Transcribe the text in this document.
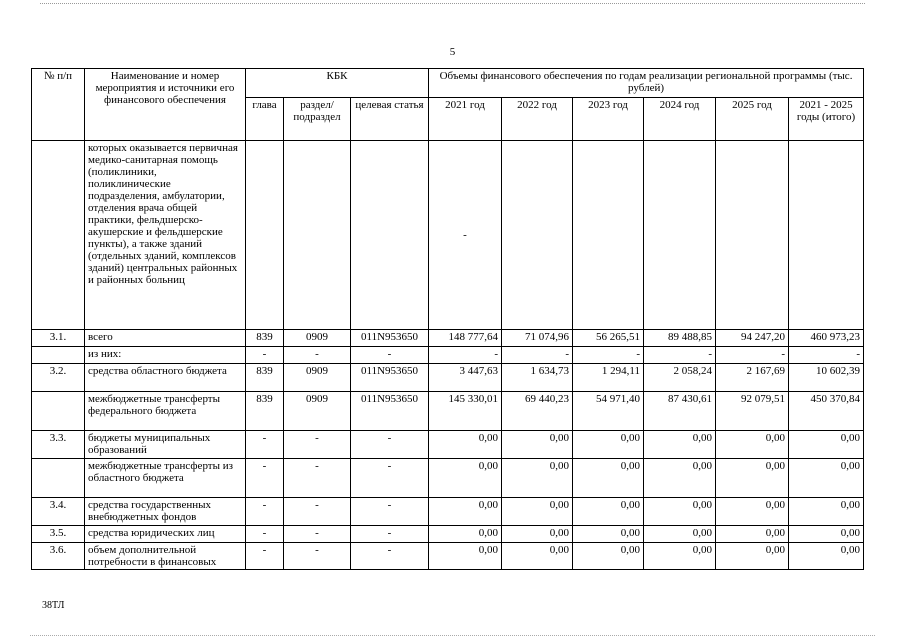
5
№ п/п	Наименование и номер мероприятия и источники его финансового обеспечения	КБК			Объемы финансового обеспечения по годам реализации региональной программы (тыс. рублей)					
		глава	раздел/ подраздел	целевая статья	2021 год	2022 год	2023 год	2024 год	2025 год	2021 - 2025 годы (итого)
	которых оказывается первичная медико-санитарная помощь (поликлиники, поликлинические подразделения, амбулатории, отделения врача общей практики, фельдшерско-акушерские и фельдшерские пункты), а также зданий (отдельных зданий, комплексов зданий) центральных районных и районных больниц				-					
3.1.	всего	839	0909	011N953650	148 777,64	71 074,96	56 265,51	89 488,85	94 247,20	460 973,23
	из них:	-	-	-	-	-	-	-	-	-
3.2.	средства областного бюджета	839	0909	011N953650	3 447,63	1 634,73	1 294,11	2 058,24	2 167,69	10 602,39
	межбюджетные трансферты федерального бюджета	839	0909	011N953650	145 330,01	69 440,23	54 971,40	87 430,61	92 079,51	450 370,84
3.3.	бюджеты муниципальных образований	-	-	-	0,00	0,00	0,00	0,00	0,00	0,00
	межбюджетные трансферты из областного бюджета	-	-	-	0,00	0,00	0,00	0,00	0,00	0,00
3.4.	средства государственных внебюджетных фондов	-	-	-	0,00	0,00	0,00	0,00	0,00	0,00
3.5.	средства юридических лиц	-	-	-	0,00	0,00	0,00	0,00	0,00	0,00
3.6.	объем дополнительной потребности в финансовых	-	-	-	0,00	0,00	0,00	0,00	0,00	0,00
38ТЛ
